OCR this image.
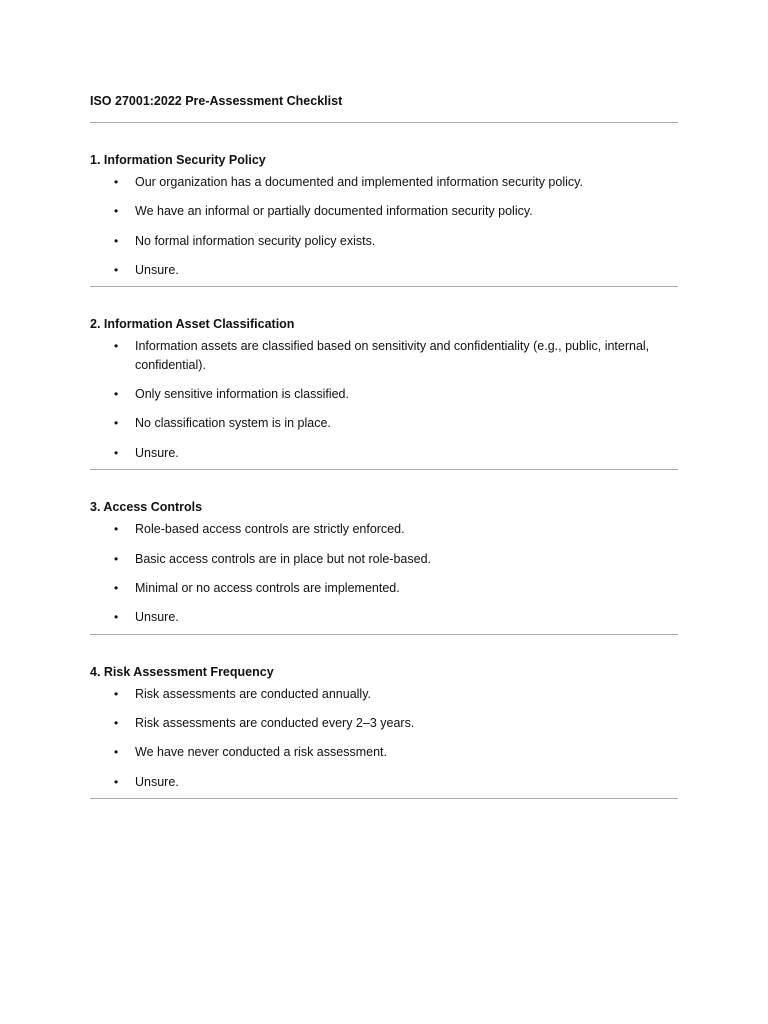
ISO 27001:2022 Pre-Assessment Checklist
1. Information Security Policy
• Our organization has a documented and implemented information security policy.
• We have an informal or partially documented information security policy.
• No formal information security policy exists.
• Unsure.
2. Information Asset Classification
• Information assets are classified based on sensitivity and confidentiality (e.g., public, internal, confidential).
• Only sensitive information is classified.
• No classification system is in place.
• Unsure.
3. Access Controls
• Role-based access controls are strictly enforced.
• Basic access controls are in place but not role-based.
• Minimal or no access controls are implemented.
• Unsure.
4. Risk Assessment Frequency
• Risk assessments are conducted annually.
• Risk assessments are conducted every 2–3 years.
• We have never conducted a risk assessment.
• Unsure.
